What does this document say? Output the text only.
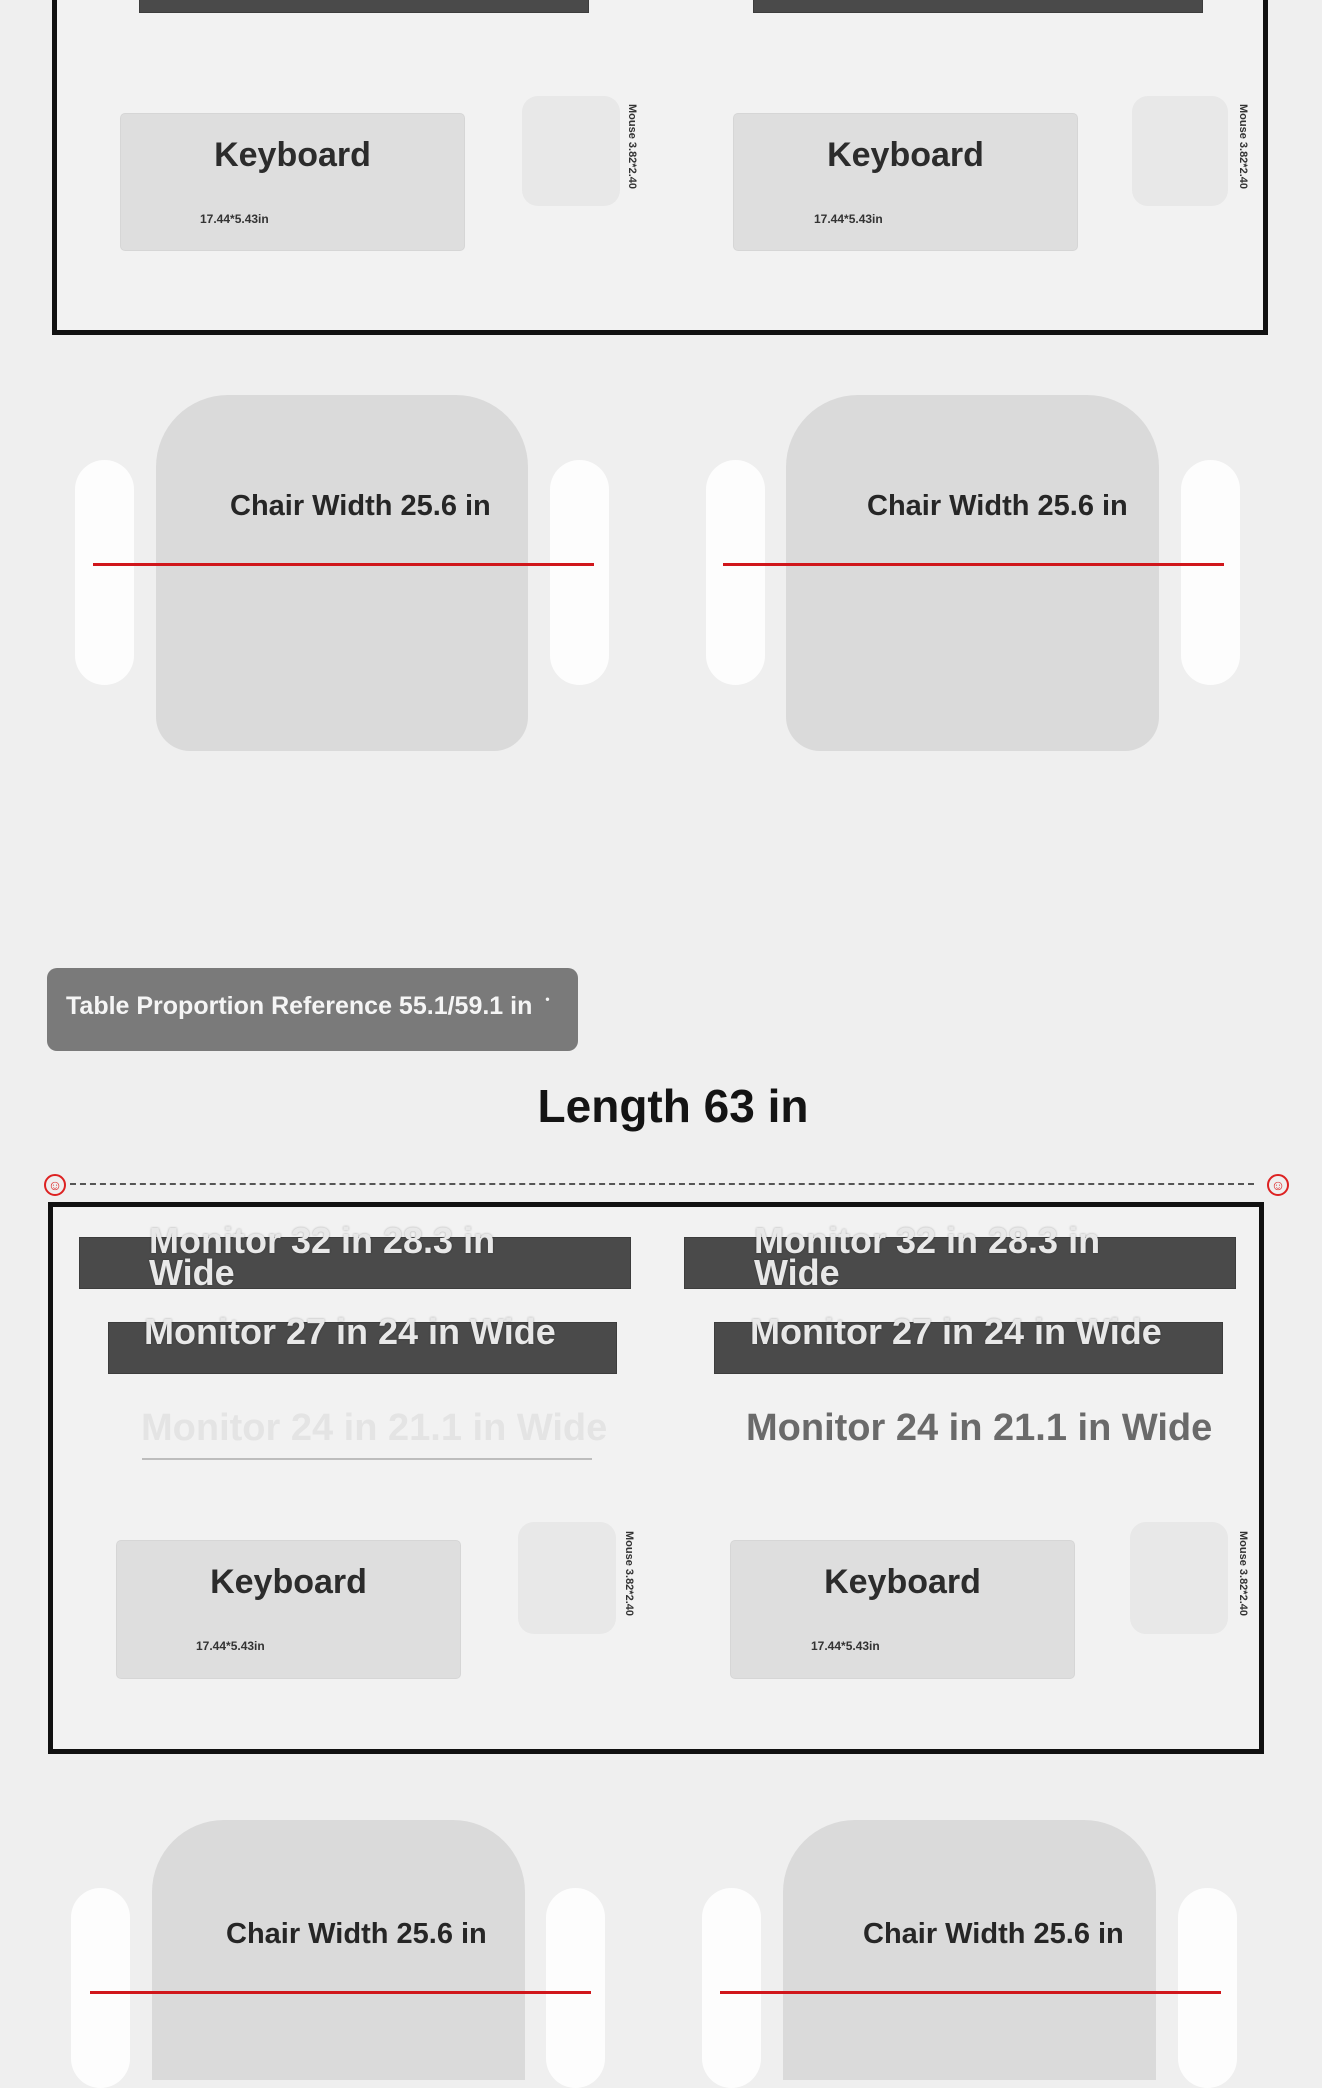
Keyboard
17.44*5.43in
Mouse 3.82*2.40	Keyboard
17.44*5.43in
Mouse 3.82*2.40
Chair Width 25.6 in	Chair Width 25.6 in
Table Proportion Reference 55.1/59.1 in •
Length 63 in
☺	☺
Monitor 32 in 28.3 in Wide
Monitor 32 in 28.3 in Wide
Monitor 27 in 24 in Wide	Monitor 27 in 24 in Wide
Monitor 24 in 21.1 in Wide	Monitor 24 in 21.1 in Wide
Keyboard
17.44*5.43in
Mouse 3.82*2.40	Keyboard
17.44*5.43in
Mouse 3.82*2.40
Chair Width 25.6 in	Chair Width 25.6 in
